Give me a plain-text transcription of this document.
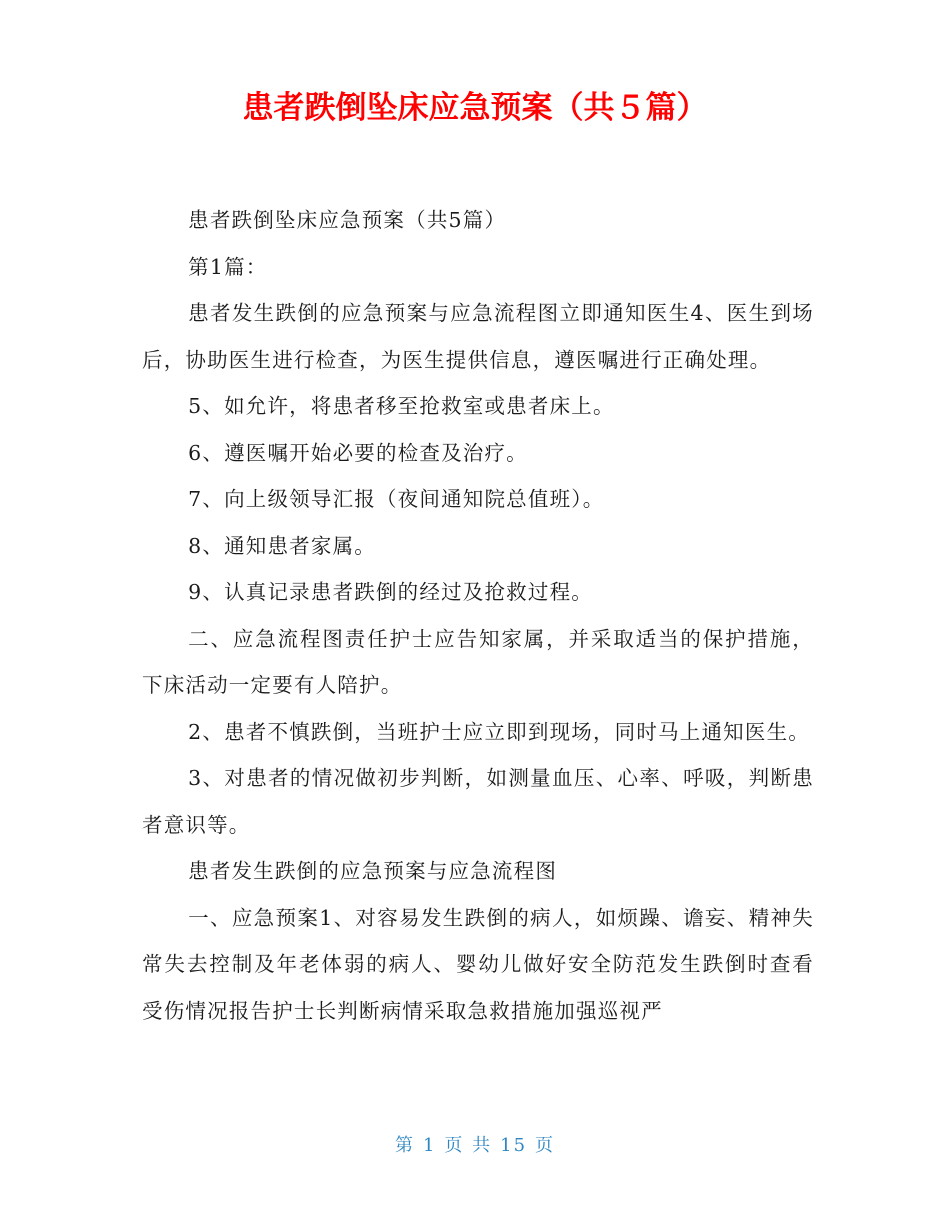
患者跌倒坠床应急预案（共５篇）

患者跌倒坠床应急预案（共5篇）

第1篇：

患者发生跌倒的应急预案与应急流程图立即通知医生4、医生到场后，协助医生进行检查，为医生提供信息，遵医嘱进行正确处理。

5、如允许，将患者移至抢救室或患者床上。

6、遵医嘱开始必要的检查及治疗。

7、向上级领导汇报（夜间通知院总值班）。

8、通知患者家属。

9、认真记录患者跌倒的经过及抢救过程。

二、应急流程图责任护士应告知家属，并采取适当的保护措施，下床活动一定要有人陪护。

2、患者不慎跌倒，当班护士应立即到现场，同时马上通知医生。

3、对患者的情况做初步判断，如测量血压、心率、呼吸，判断患者意识等。

患者发生跌倒的应急预案与应急流程图

一、应急预案1、对容易发生跌倒的病人，如烦躁、谵妄、精神失常失去控制及年老体弱的病人、婴幼儿做好安全防范发生跌倒时查看受伤情况报告护士长判断病情采取急救措施加强巡视严

第 1 页 共 15 页
